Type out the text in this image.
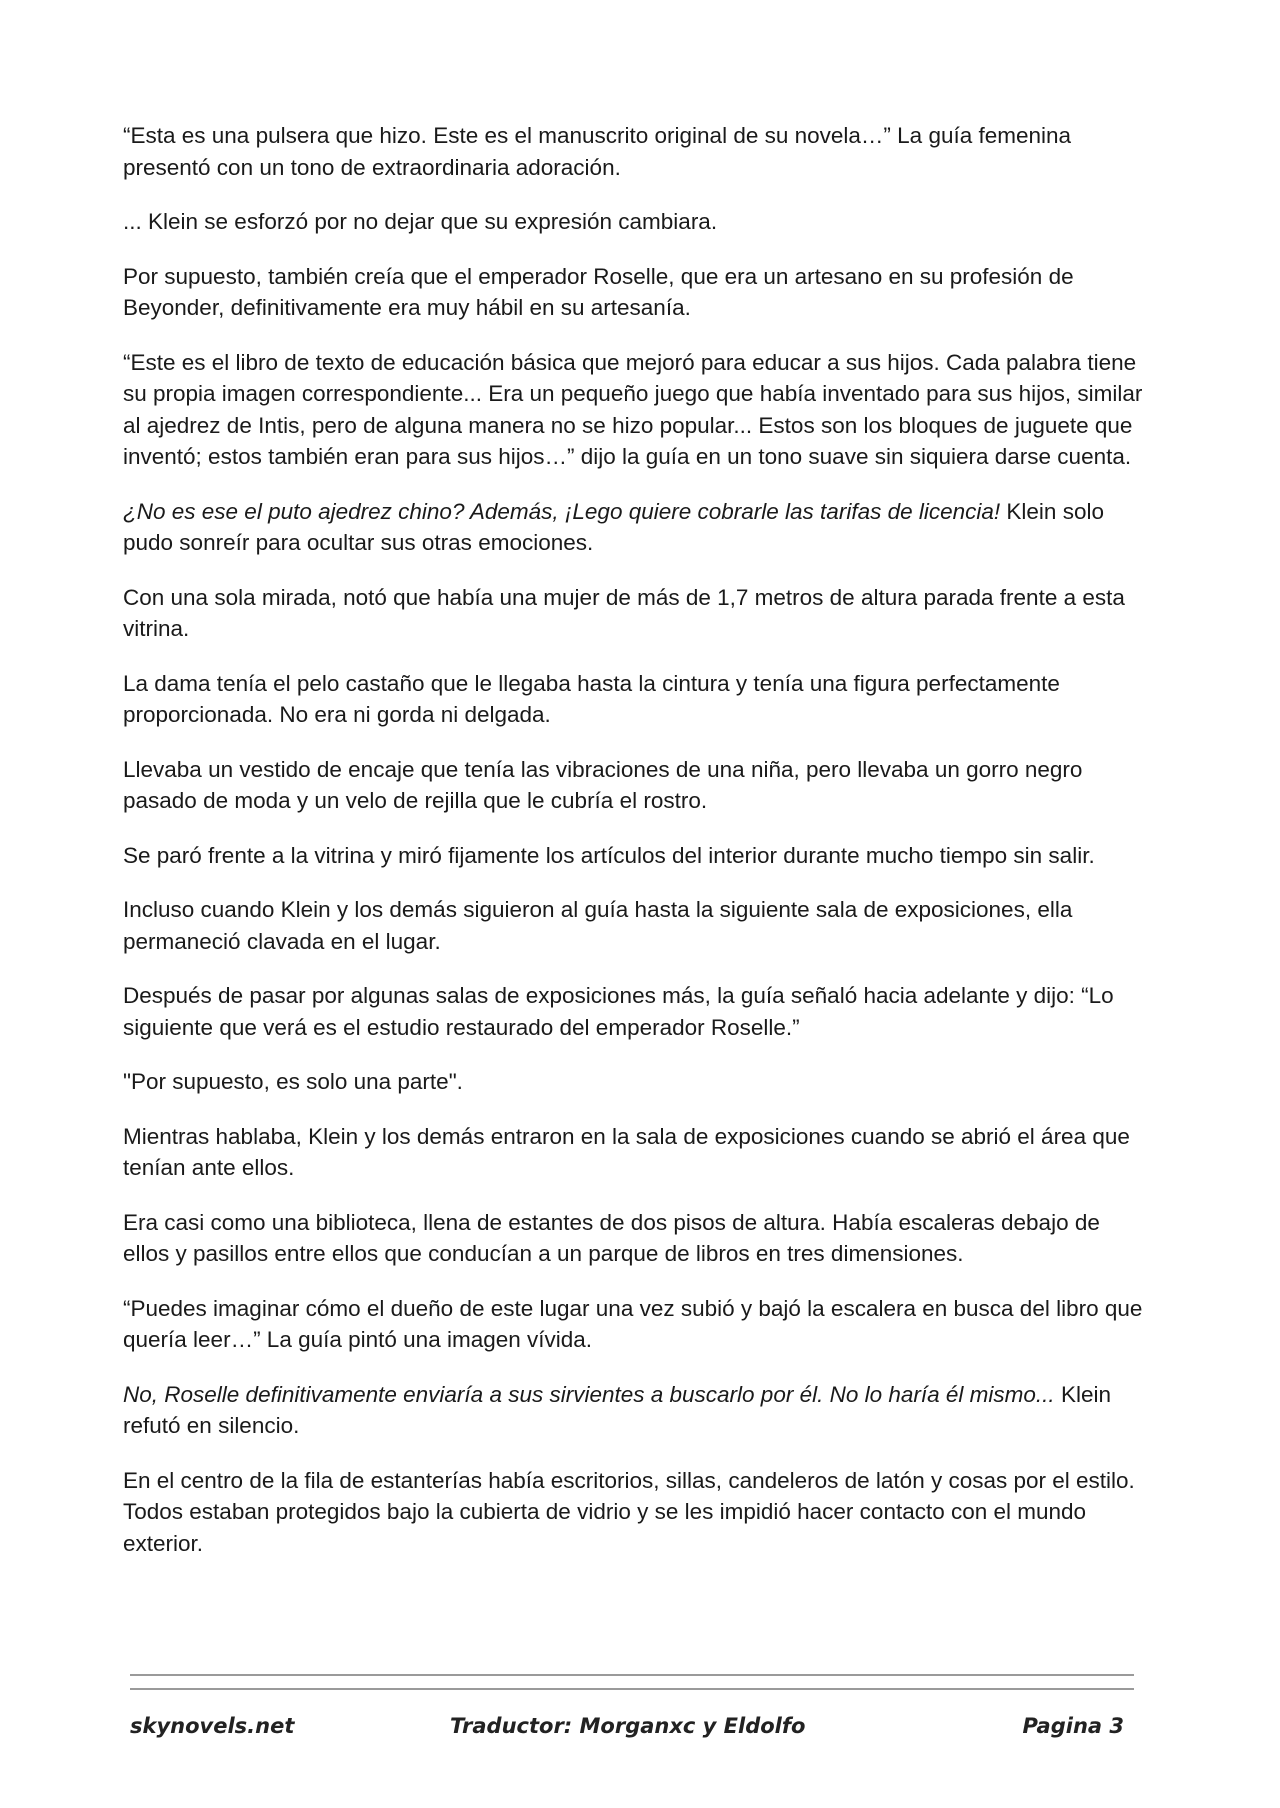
“Esta es una pulsera que hizo. Este es el manuscrito original de su novela…” La guía femenina presentó con un tono de extraordinaria adoración.

... Klein se esforzó por no dejar que su expresión cambiara.

Por supuesto, también creía que el emperador Roselle, que era un artesano en su profesión de Beyonder, definitivamente era muy hábil en su artesanía.

“Este es el libro de texto de educación básica que mejoró para educar a sus hijos. Cada palabra tiene su propia imagen correspondiente... Era un pequeño juego que había inventado para sus hijos, similar al ajedrez de Intis, pero de alguna manera no se hizo popular... Estos son los bloques de juguete que inventó; estos también eran para sus hijos…” dijo la guía en un tono suave sin siquiera darse cuenta.

¿No es ese el puto ajedrez chino? Además, ¡Lego quiere cobrarle las tarifas de licencia! Klein solo pudo sonreír para ocultar sus otras emociones.

Con una sola mirada, notó que había una mujer de más de 1,7 metros de altura parada frente a esta vitrina.

La dama tenía el pelo castaño que le llegaba hasta la cintura y tenía una figura perfectamente proporcionada. No era ni gorda ni delgada.

Llevaba un vestido de encaje que tenía las vibraciones de una niña, pero llevaba un gorro negro pasado de moda y un velo de rejilla que le cubría el rostro.

Se paró frente a la vitrina y miró fijamente los artículos del interior durante mucho tiempo sin salir.

Incluso cuando Klein y los demás siguieron al guía hasta la siguiente sala de exposiciones, ella permaneció clavada en el lugar.

Después de pasar por algunas salas de exposiciones más, la guía señaló hacia adelante y dijo: “Lo siguiente que verá es el estudio restaurado del emperador Roselle.”

"Por supuesto, es solo una parte".

Mientras hablaba, Klein y los demás entraron en la sala de exposiciones cuando se abrió el área que tenían ante ellos.

Era casi como una biblioteca, llena de estantes de dos pisos de altura. Había escaleras debajo de ellos y pasillos entre ellos que conducían a un parque de libros en tres dimensiones.

“Puedes imaginar cómo el dueño de este lugar una vez subió y bajó la escalera en busca del libro que quería leer…” La guía pintó una imagen vívida.

No, Roselle definitivamente enviaría a sus sirvientes a buscarlo por él. No lo haría él mismo... Klein refutó en silencio.

En el centro de la fila de estanterías había escritorios, sillas, candeleros de latón y cosas por el estilo. Todos estaban protegidos bajo la cubierta de vidrio y se les impidió hacer contacto con el mundo exterior.

skynovels.net	Traductor: Morganxc y Eldolfo	Pagina 3
